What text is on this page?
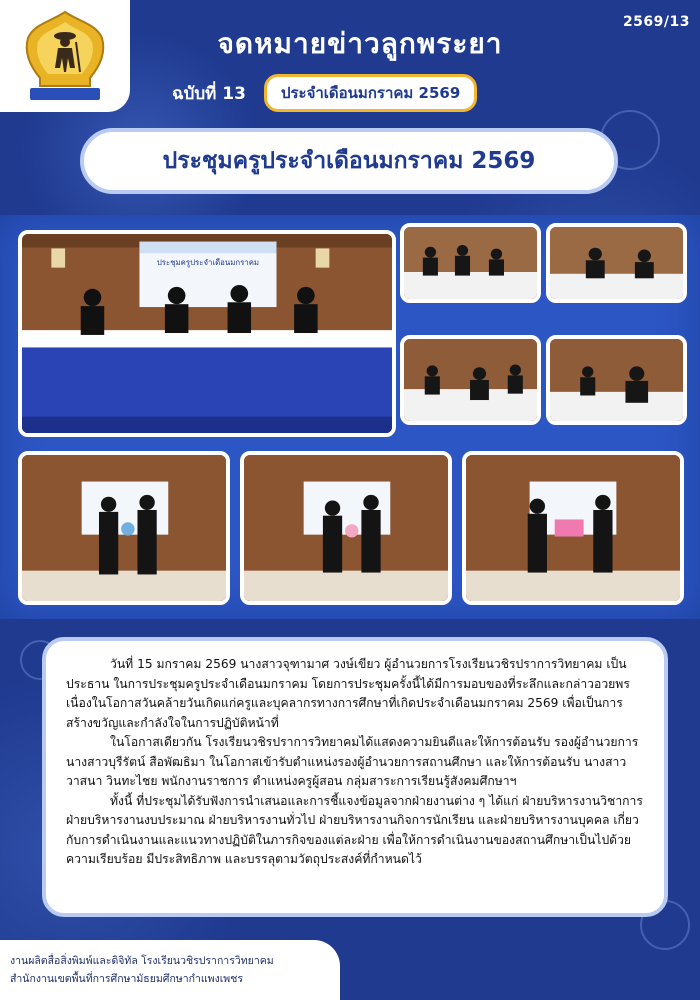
2569/13
จดหมายข่าวลูกพระยา
ฉบับที่ 13	ประจำเดือนมกราคม 2569
ประชุมครูประจำเดือนมกราคม 2569
ประชุมครูประจำเดือนมกราคม

วันที่ 15 มกราคม 2569 นางสาวจุฑามาศ วงษ์เขียว ผู้อำนวยการโรงเรียนวชิรปราการวิทยาคม เป็นประธาน ในการประชุมครูประจำเดือนมกราคม โดยการประชุมครั้งนี้ได้มีการมอบของที่ระลึกและกล่าวอวยพรเนื่องในโอกาสวันคล้ายวันเกิดแก่ครูและบุคลากรทางการศึกษาที่เกิดประจำเดือนมกราคม 2569 เพื่อเป็นการสร้างขวัญและกำลังใจในการปฏิบัติหน้าที่

ในโอกาสเดียวกัน โรงเรียนวชิรปราการวิทยาคมได้แสดงความยินดีและให้การต้อนรับ รองผู้อำนวยการ นางสาวบุรีรัตน์ สือพัฒธิมา ในโอกาสเข้ารับตำแหน่งรองผู้อำนวยการสถานศึกษา และให้การต้อนรับ นางสาววาสนา วินทะไชย พนักงานราชการ ตำแหน่งครูผู้สอน กลุ่มสาระการเรียนรู้สังคมศึกษาฯ

ทั้งนี้ ที่ประชุมได้รับฟังการนำเสนอและการชี้แจงข้อมูลจากฝ่ายงานต่าง ๆ ได้แก่ ฝ่ายบริหารงานวิชาการ ฝ่ายบริหารงานงบประมาณ ฝ่ายบริหารงานทั่วไป ฝ่ายบริหารงานกิจการนักเรียน และฝ่ายบริหารงานบุคคล เกี่ยวกับการดำเนินงานและแนวทางปฏิบัติในภารกิจของแต่ละฝ่าย เพื่อให้การดำเนินงานของสถานศึกษาเป็นไปด้วยความเรียบร้อย มีประสิทธิภาพ และบรรลุตามวัตถุประสงค์ที่กำหนดไว้

งานผลิตสื่อสิ่งพิมพ์และดิจิทัล โรงเรียนวชิรปราการวิทยาคม
สำนักงานเขตพื้นที่การศึกษามัธยมศึกษากำแพงเพชร
